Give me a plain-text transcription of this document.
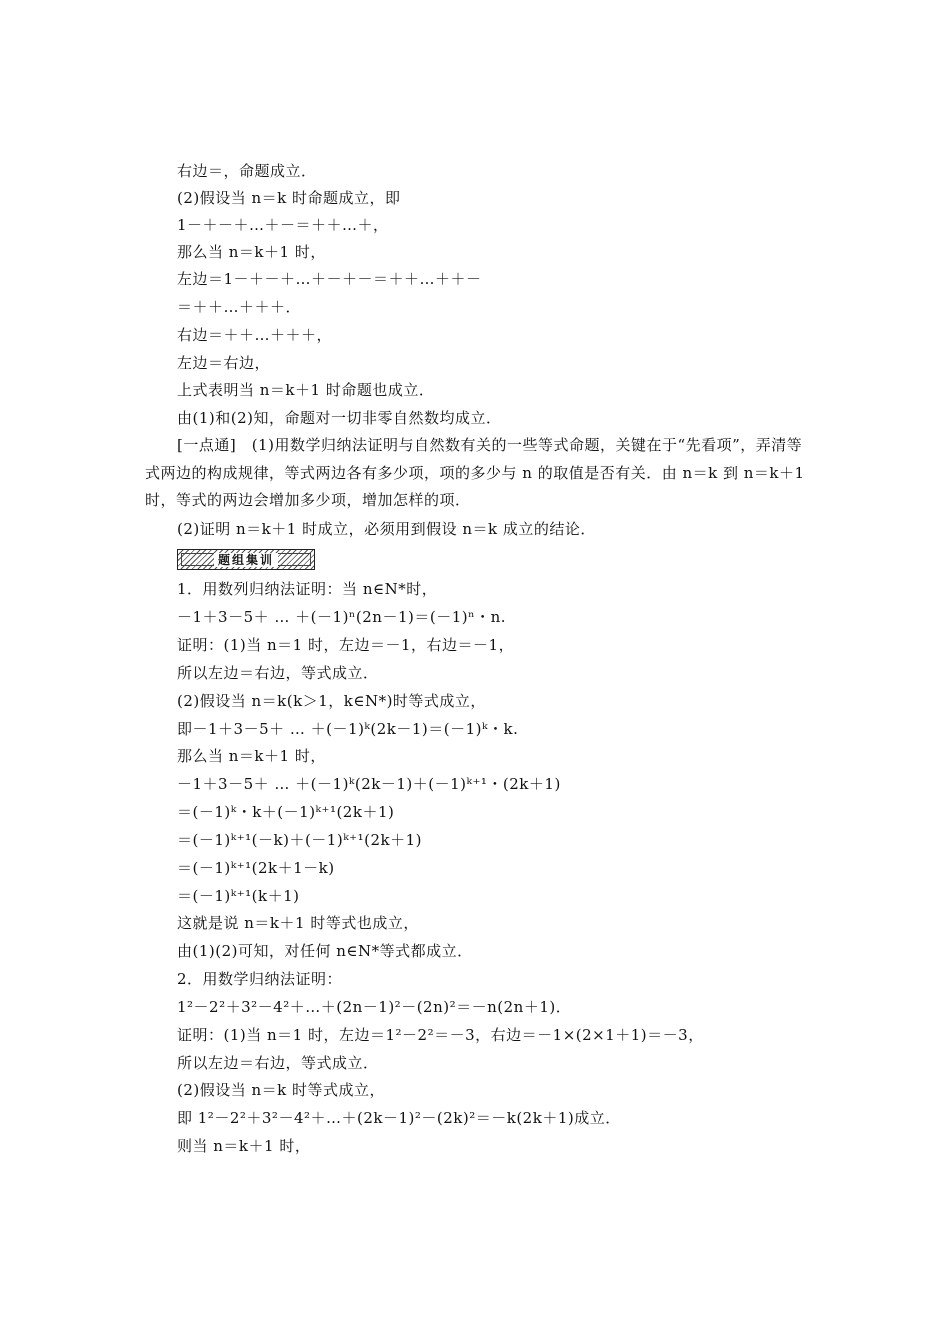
右边＝，命题成立．
(2)假设当 n＝k 时命题成立，即
1－＋－＋…＋－＝＋＋…＋，
那么当 n＝k＋1 时，
左边＝1－＋－＋…＋－＋－＝＋＋…＋＋－
＝＋＋…＋＋＋．
右边＝＋＋…＋＋＋，
左边＝右边，
上式表明当 n＝k＋1 时命题也成立．
由(1)和(2)知，命题对一切非零自然数均成立．
[一点通]　(1)用数学归纳法证明与自然数有关的一些等式命题，关键在于“先看项”，弄清等式两边的构成规律，等式两边各有多少项，项的多少与 n 的取值是否有关．由 n＝k 到 n＝k＋1 时，等式的两边会增加多少项，增加怎样的项．
(2)证明 n＝k＋1 时成立，必须用到假设 n＝k 成立的结论．
题组集训
1．用数列归纳法证明：当 n∈N*时，
－1＋3－5＋ … ＋(－1)ⁿ(2n－1)＝(－1)ⁿ・n.
证明：(1)当 n＝1 时，左边＝－1，右边＝－1，
所以左边＝右边，等式成立．
(2)假设当 n＝k(k＞1，k∈N*)时等式成立，
即－1＋3－5＋ … ＋(－1)ᵏ(2k－1)＝(－1)ᵏ・k.
那么当 n＝k＋1 时，
－1＋3－5＋ … ＋(－1)ᵏ(2k－1)＋(－1)ᵏ⁺¹・(2k＋1)
＝(－1)ᵏ・k＋(－1)ᵏ⁺¹(2k＋1)
＝(－1)ᵏ⁺¹(－k)＋(－1)ᵏ⁺¹(2k＋1)
＝(－1)ᵏ⁺¹(2k＋1－k)
＝(－1)ᵏ⁺¹(k＋1)
这就是说 n＝k＋1 时等式也成立，
由(1)(2)可知，对任何 n∈N*等式都成立．
2．用数学归纳法证明：
1²－2²＋3²－4²＋…＋(2n－1)²－(2n)²＝－n(2n＋1)．
证明：(1)当 n＝1 时，左边＝1²－2²＝－3，右边＝－1×(2×1＋1)＝－3，
所以左边＝右边，等式成立．
(2)假设当 n＝k 时等式成立，
即 1²－2²＋3²－4²＋…＋(2k－1)²－(2k)²＝－k(2k＋1)成立．
则当 n＝k＋1 时，
